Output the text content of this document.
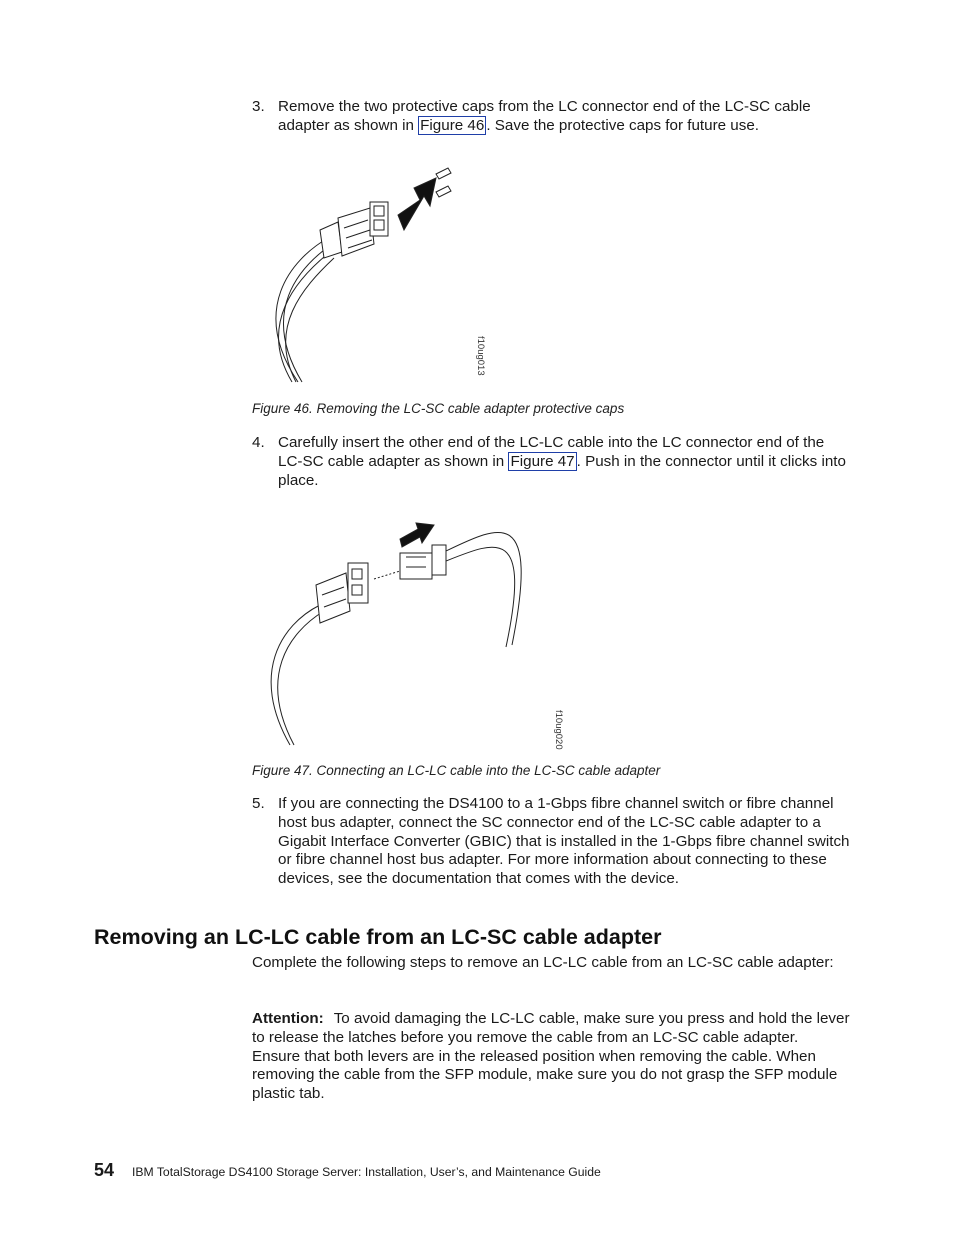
3. Remove the two protective caps from the LC connector end of the LC-SC cable adapter as shown in Figure 46 . Save the protective caps for future use.
f10ug013
Figure 46. Removing the LC-SC cable adapter protective caps
4. Carefully insert the other end of the LC-LC cable into the LC connector end of the LC-SC cable adapter as shown in Figure 47 . Push in the connector until it clicks into place.
f10ug020
Figure 47. Connecting an LC-LC cable into the LC-SC cable adapter
5. If you are connecting the DS4100 to a 1-Gbps fibre channel switch or fibre channel host bus adapter, connect the SC connector end of the LC-SC cable adapter to a Gigabit Interface Converter (GBIC) that is installed in the 1-Gbps fibre channel switch or fibre channel host bus adapter. For more information about connecting to these devices, see the documentation that comes with the device.
Removing an LC-LC cable from an LC-SC cable adapter
Complete the following steps to remove an LC-LC cable from an LC-SC cable adapter:
Attention: To avoid damaging the LC-LC cable, make sure you press and hold the lever to release the latches before you remove the cable from an LC-SC cable adapter. Ensure that both levers are in the released position when removing the cable. When removing the cable from the SFP module, make sure you do not grasp the SFP module plastic tab.
54 IBM TotalStorage DS4100 Storage Server: Installation, User’s, and Maintenance Guide
